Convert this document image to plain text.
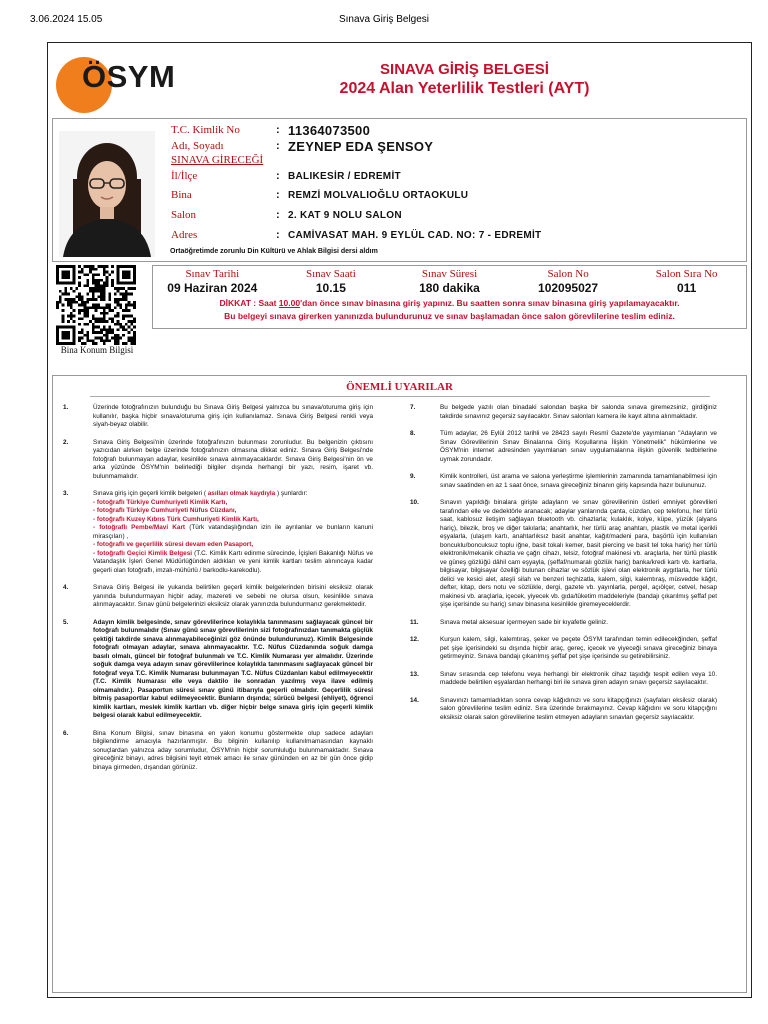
3.06.2024 15.05	Sınava Giriş Belgesi
ÖSYM	SINAVA GİRİŞ BELGESİ
2024 Alan Yeterlilik Testleri (AYT)
T.C. Kimlik No	: 11364073500
Adı, Soyadı	: ZEYNEP EDA ŞENSOY
SINAVA GİRECEĞİ
İl/İlçe	: BALIKESİR / EDREMİT
Bina	: REMZİ MOLVALIOĞLU ORTAOKULU
Salon	: 2. KAT 9 NOLU SALON
Adres	: CAMİVASAT MAH. 9 EYLÜL CAD. NO: 7 - EDREMİT
Ortaöğretimde zorunlu Din Kültürü ve Ahlak Bilgisi dersi aldım
Bina Konum Bilgisi
Sınav Tarihi
09 Haziran 2024
Sınav Saati
10.15
Sınav Süresi
180 dakika
Salon No
102095027
Salon Sıra No
011
DİKKAT : Saat 10.00'dan önce sınav binasına giriş yapınız. Bu saatten sonra sınav binasına giriş yapılamayacaktır.
Bu belgeyi sınava girerken yanınızda bulundurunuz ve sınav başlamadan önce salon görevlilerine teslim ediniz.
ÖNEMLİ UYARILAR
1.	Üzerinde fotoğrafınızın bulunduğu bu Sınava Giriş Belgesi yalnızca bu sınava/oturuma giriş için kullanılır, başka hiçbir sınava/oturuma giriş için kullanılamaz. Sınava Giriş Belgesi renkli veya siyah-beyaz olabilir.
2.	Sınava Giriş Belgesi'nin üzerinde fotoğrafınızın bulunması zorunludur. Bu belgenizin çıktısını yazıcıdan alırken belge üzerinde fotoğrafınızın olmasına dikkat ediniz. Sınava Giriş Belgesi'nde fotoğrafı bulunmayan adaylar, kesinlikle sınava alınmayacaklardır. Sınava Giriş Belgesi'nin ön ve arka yüzünde ÖSYM'nin belirlediği bilgiler dışında herhangi bir yazı, resim, işaret vb. bulunmamalıdır.
3.	Sınava giriş için geçerli kimlik belgeleri ( asılları olmak kaydıyla ) şunlardır:
- fotoğraflı Türkiye Cumhuriyeti Kimlik Kartı,
- fotoğraflı Türkiye Cumhuriyeti Nüfus Cüzdanı,
- fotoğraflı Kuzey Kıbrıs Türk Cumhuriyeti Kimlik Kartı,
- fotoğraflı Pembe/Mavi Kart (Türk vatandaşlığından izin ile ayrılanlar ve bunların kanuni mirasçıları) ,
- fotoğraflı ve geçerlilik süresi devam eden Pasaport,
- fotoğraflı Geçici Kimlik Belgesi (T.C. Kimlik Kartı edinme sürecinde, İçişleri Bakanlığı Nüfus ve Vatandaşlık İşleri Genel Müdürlüğünden aldıkları ve yeni kimlik kartları teslim alınıncaya kadar geçerli olan fotoğraflı, imzalı-mühürlü / barkodlu-karekodlu).
4.	Sınava Giriş Belgesi ile yukarıda belirtilen geçerli kimlik belgelerinden birisini eksiksiz olarak yanında bulundurmayan hiçbir aday, mazereti ve sebebi ne olursa olsun, kesinlikle sınava alınmayacaktır. Sınav günü belgelerinizi eksiksiz olarak yanınızda bulundurmanız gerekmektedir.
5.	Adayın kimlik belgesinde, sınav görevlilerince kolaylıkla tanınmasını sağlayacak güncel bir fotoğrafı bulunmalıdır (Sınav günü sınav görevlilerinin sizi fotoğrafınızdan tanımakta güçlük çektiği takdirde sınava alınmayabileceğinizi göz önünde bulundurunuz). Kimlik Belgesinde fotoğrafı olmayan adaylar, sınava alınmayacaktır. T.C. Nüfus Cüzdanında soğuk damga basılı olmalı, güncel bir fotoğraf bulunmalı ve T.C. Kimlik Numarası yer almalıdır. Üzerinde soğuk damga veya adayın sınav görevlilerince kolaylıkla tanınmasını sağlayacak güncel bir fotoğraf veya T.C. Kimlik Numarası bulunmayan T.C. Nüfus Cüzdanları kabul edilmeyecektir (T.C. Kimlik Numarası elle veya daktilo ile sonradan yazılmış veya ilave edilmiş olmamalıdır.). Pasaportun süresi sınav günü itibarıyla geçerli olmalıdır. Geçerlilik süresi bitmiş pasaportlar kabul edilmeyecektir. Bunların dışında; sürücü belgesi (ehliyet), öğrenci kimlik kartları, meslek kimlik kartları vb. diğer hiçbir belge sınava giriş için geçerli kimlik belgesi olarak kabul edilmeyecektir.
6.	Bina Konum Bilgisi, sınav binasına en yakın konumu göstermekte olup sadece adayları bilgilendirme amacıyla hazırlanmıştır. Bu bilginin kullanılıp kullanılmamasından kaynaklı sonuçlardan yalnızca aday sorumludur, ÖSYM'nin hiçbir sorumluluğu bulunmamaktadır. Sınava gireceğiniz binayı, adres bilgisini teyit etmek amacı ile sınav gününden en az bir gün önce gidip binaya girmeden, dışarıdan görünüz.
7.	Bu belgede yazılı olan binadaki salondan başka bir salonda sınava giremezsiniz, girdiğiniz takdirde sınavınız geçersiz sayılacaktır. Sınav salonları kamera ile kayıt altına alınmaktadır.
8.	Tüm adaylar, 26 Eylül 2012 tarihli ve 28423 sayılı Resmî Gazete'de yayımlanan "Adayların ve Sınav Görevlilerinin Sınav Binalarına Giriş Koşullarına İlişkin Yönetmelik" hükümlerine ve ÖSYM'nin internet adresinden yayımlanan sınav uygulamalarına ilişkin güvenlik tedbirlerine uymak zorundadır.
9.	Kimlik kontrolleri, üst arama ve salona yerleştirme işlemlerinin zamanında tamamlanabilmesi için sınav saatinden en az 1 saat önce, sınava gireceğiniz binanın giriş kapısında hazır bulununuz.
10.	Sınavın yapıldığı binalara girişte adayların ve sınav görevlilerinin üstleri emniyet görevlileri tarafından elle ve dedektörle aranacak; adaylar yanlarında çanta, cüzdan, cep telefonu, her türlü saat, kablosuz iletişim sağlayan bluetooth vb. cihazlarla; kulaklık, kolye, küpe, yüzük (alyans hariç), bilezik, broş ve diğer takılarla; anahtarlık, her türlü araç anahtarı, plastik ve metal içerikli eşyalarla, (ulaşım kartı, anahtarlıksız basit anahtar, kağıt/madeni para, başörtü için kullanılan boncuklu/boncuksuz toplu iğne, basit tokalı kemer, basit piercing ve basit tel toka hariç) her türlü elektronik/mekanik cihazla ve çağrı cihazı, telsiz, fotoğraf makinesi vb. araçlarla, her türlü plastik ve güneş gözlüğü dâhil cam eşyayla, (şeffaf/numaralı gözlük hariç) banka/kredi kartı vb. kartlarla, bilgisayar, bilgisayar özelliği bulunan cihazlar ve sözlük işlevi olan elektronik aygıtlarla, her türlü delici ve kesici alet, ateşli silah ve benzeri teçhizatla, kalem, silgi, kalemtıraş, müsvedde kâğıt, defter, kitap, ders notu ve sözlükle, dergi, gazete vb. yayınlarla, pergel, açıölçer, cetvel, hesap makinesi vb. araçlarla, içecek, yiyecek vb. gıda/tüketim maddeleriyle (bandajı çıkarılmış şeffaf pet şişe içerisinde su hariç) sınav binasına kesinlikle giremeyeceklerdir.
11.	Sınava metal aksesuar içermeyen sade bir kıyafetle geliniz.
12.	Kurşun kalem, silgi, kalemtıraş, şeker ve peçete ÖSYM tarafından temin edilecekğinden, şeffaf pet şişe içerisindeki su dışında hiçbir araç, gereç, içecek ve yiyeceği sınava gireceğiniz binaya getirmeyiniz. Sınava bandajı çıkarılmış şeffaf pet şişe içerisinde su getirebilirsiniz.
13.	Sınav sırasında cep telefonu veya herhangi bir elektronik cihaz taşıdığı tespit edilen veya 10. maddede belirtilen eşyalardan herhangi biri ile sınava giren adayın sınavı geçersiz sayılacaktır.
14.	Sınavınızı tamamladıktan sonra cevap kâğıdınızı ve soru kitapçığınızı (sayfaları eksiksiz olarak) salon görevlilerine teslim ediniz. Sıra üzerinde bırakmayınız. Cevap kâğıdını ve soru kitapçığını eksiksiz olarak salon görevlilerine teslim etmeyen adayların sınavları geçersiz sayılacaktır.
